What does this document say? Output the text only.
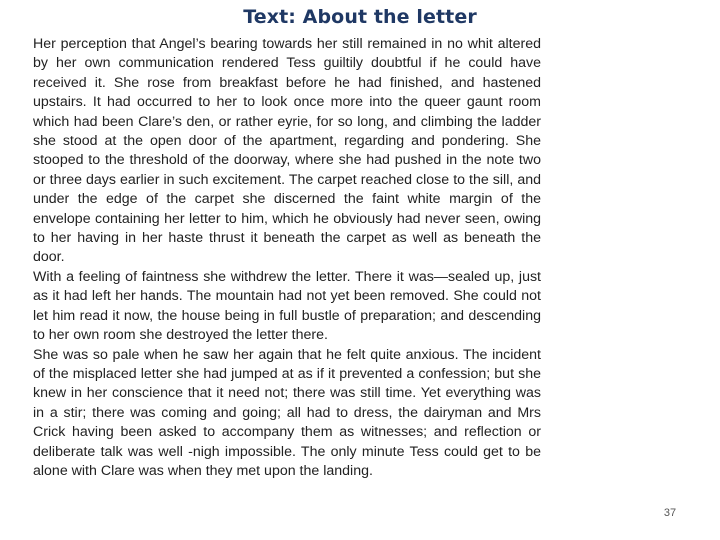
Text: About the letter

Her perception that Angel’s bearing towards her still remained in no whit altered by her own communication rendered Tess guiltily doubtful if he could have received it. She rose from breakfast before he had finished, and hastened upstairs. It had occurred to her to look once more into the queer gaunt room which had been Clare’s den, or rather eyrie, for so long, and climbing the ladder she stood at the open door of the apartment, regarding and pondering. She stooped to the threshold of the doorway, where she had pushed in the note two or three days earlier in such excitement. The carpet reached close to the sill, and under the edge of the carpet she discerned the faint white margin of the envelope containing her letter to him, which he obviously had never seen, owing to her having in her haste thrust it beneath the carpet as well as beneath the door.

With a feeling of faintness she withdrew the letter. There it was—sealed up, just as it had left her hands. The mountain had not yet been removed. She could not let him read it now, the house being in full bustle of preparation; and descending to her own room she destroyed the letter there.

She was so pale when he saw her again that he felt quite anxious. The incident of the misplaced letter she had jumped at as if it prevented a confession; but she knew in her conscience that it need not; there was still time. Yet everything was in a stir; there was coming and going; all had to dress, the dairyman and Mrs Crick having been asked to accompany them as witnesses; and reflection or deliberate talk was well -nigh impossible. The only minute Tess could get to be alone with Clare was when they met upon the landing.

37
